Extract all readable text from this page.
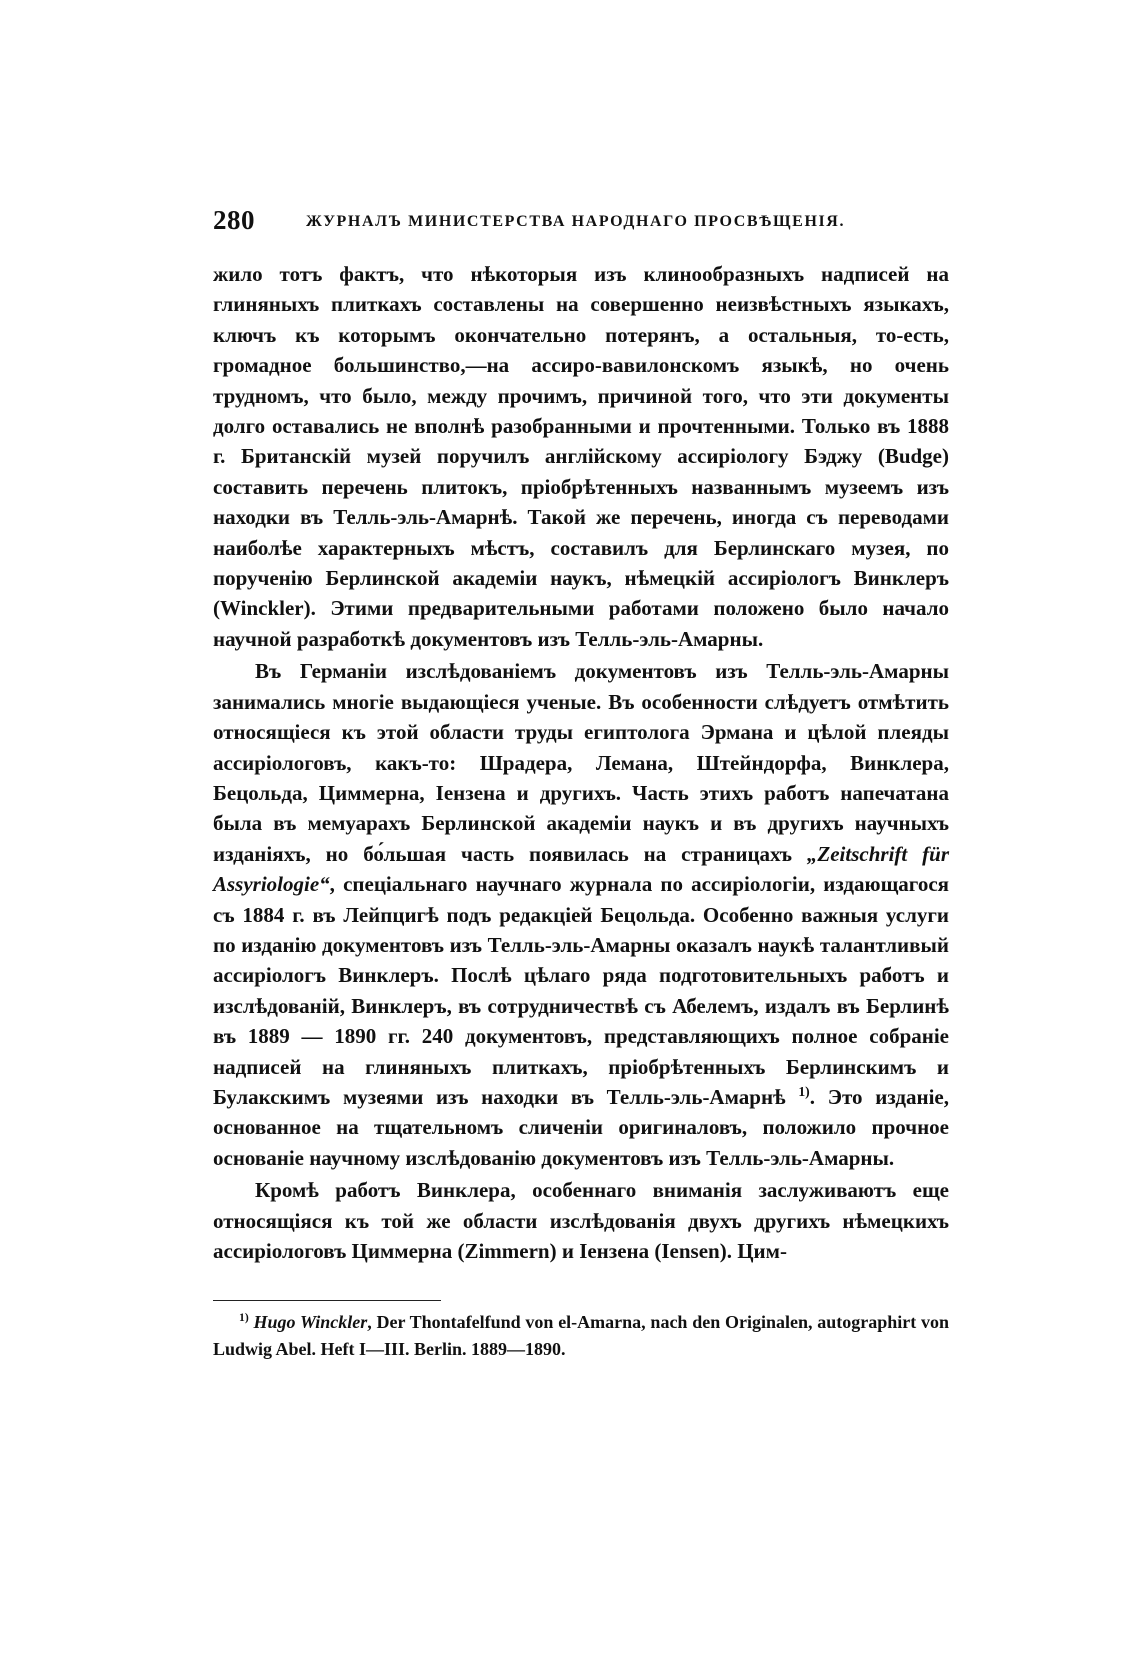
280	ЖУРНАЛЪ МИНИСТЕРСТВА НАРОДНАГО ПРОСВѢЩЕНІЯ.

жило тотъ фактъ, что нѣкоторыя изъ клинообразныхъ надписей на глиняныхъ плиткахъ составлены на совершенно неизвѣстныхъ языкахъ, ключъ къ которымъ окончательно потерянъ, а остальныя, то-есть, громадное большинство,—на ассиро-вавилонскомъ языкѣ, но очень трудномъ, что было, между прочимъ, причиной того, что эти документы долго оставались не вполнѣ разобранными и прочтенными. Только въ 1888 г. Британскій музей поручилъ англійскому ассиріологу Бэджу (Budge) составить перечень плитокъ, пріобрѣтенныхъ названнымъ музеемъ изъ находки въ Телль-эль-Амарнѣ. Такой же перечень, иногда съ переводами наиболѣе характерныхъ мѣстъ, составилъ для Берлинскаго музея, по порученію Берлинской академіи наукъ, нѣмецкій ассиріологъ Винклеръ (Winckler). Этими предварительными работами положено было начало научной разработкѣ документовъ изъ Телль-эль-Амарны.

Въ Германіи изслѣдованіемъ документовъ изъ Телль-эль-Амарны занимались многіе выдающіеся ученые. Въ особенности слѣдуетъ отмѣтить относящіеся къ этой области труды египтолога Эрмана и цѣлой плеяды ассиріологовъ, какъ-то: Шрадера, Лемана, Штейндорфа, Винклера, Бецольда, Циммерна, Іензена и другихъ. Часть этихъ работъ напечатана была въ мемуарахъ Берлинской академіи наукъ и въ другихъ научныхъ изданіяхъ, но бо́льшая часть появилась на страницахъ „Zeitschrift für Assyriologie“, спеціальнаго научнаго журнала по ассиріологіи, издающагося съ 1884 г. въ Лейпцигѣ подъ редакціей Бецольда. Особенно важныя услуги по изданію документовъ изъ Телль-эль-Амарны оказалъ наукѣ талантливый ассиріологъ Винклеръ. Послѣ цѣлаго ряда подготовительныхъ работъ и изслѣдованій, Винклеръ, въ сотрудничествѣ съ Абелемъ, издалъ въ Берлинѣ въ 1889 — 1890 гг. 240 документовъ, представляющихъ полное собраніе надписей на глиняныхъ плиткахъ, пріобрѣтенныхъ Берлинскимъ и Булакскимъ музеями изъ находки въ Телль-эль-Амарнѣ $^{1)}$. Это изданіе, основанное на тщательномъ сличеніи оригиналовъ, положило прочное основаніе научному изслѣдованію документовъ изъ Телль-эль-Амарны.

Кромѣ работъ Винклера, особеннаго вниманія заслуживаютъ еще относящіяся къ той же области изслѣдованія двухъ другихъ нѣмецкихъ ассиріологовъ Циммерна (Zimmern) и Іензена (Iensen). Цим-

$^{1)}$ Hugo Winckler, Der Thontafelfund von el-Amarna, nach den Originalen, autographirt von Ludwig Abel. Heft I—III. Berlin. 1889—1890.
